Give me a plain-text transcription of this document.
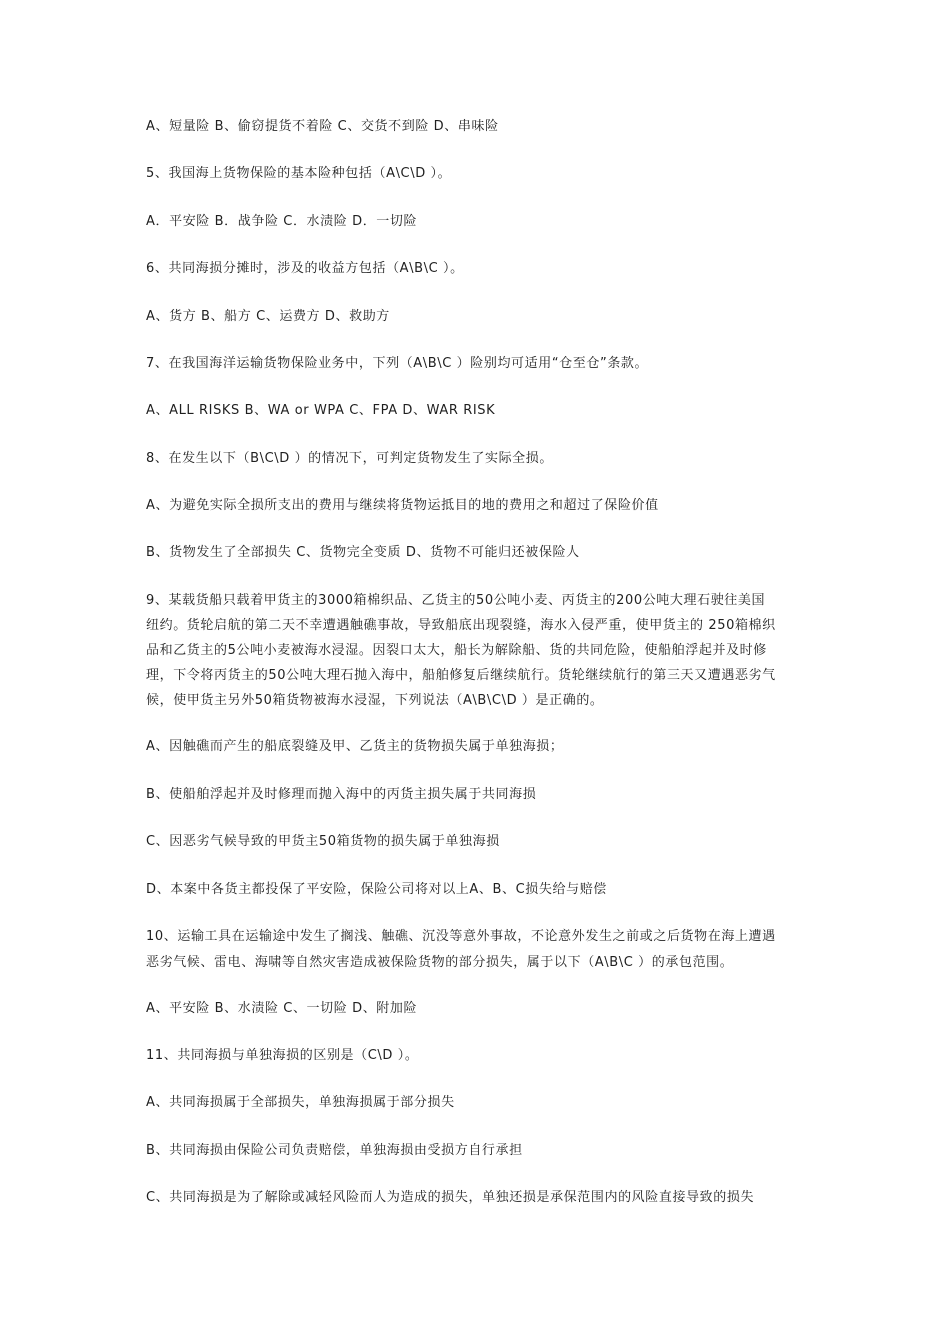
A、短量险 B、偷窃提货不着险 C、交货不到险 D、串味险
5、我国海上货物保险的基本险种包括（A\C\D ）。
A．平安险 B．战争险 C．水渍险 D．一切险
6、共同海损分摊时，涉及的收益方包括（A\B\C ）。
A、货方 B、船方 C、运费方 D、救助方
7、在我国海洋运输货物保险业务中，下列（A\B\C ）险别均可适用“仓至仓”条款。
A、ALL RISKS B、WA or WPA C、FPA D、WAR RISK
8、在发生以下（B\C\D ）的情况下，可判定货物发生了实际全损。
A、为避免实际全损所支出的费用与继续将货物运抵目的地的费用之和超过了保险价值
B、货物发生了全部损失 C、货物完全变质 D、货物不可能归还被保险人
9、某载货船只载着甲货主的3000箱棉织品、乙货主的50公吨小麦、丙货主的200公吨大理石驶往美国
纽约。货轮启航的第二天不幸遭遇触礁事故，导致船底出现裂缝，海水入侵严重，使甲货主的 250箱棉织
品和乙货主的5公吨小麦被海水浸湿。因裂口太大，船长为解除船、货的共同危险，使船舶浮起并及时修
理，下令将丙货主的50公吨大理石抛入海中，船舶修复后继续航行。货轮继续航行的第三天又遭遇恶劣气
候，使甲货主另外50箱货物被海水浸湿，下列说法（A\B\C\D ）是正确的。
A、因触礁而产生的船底裂缝及甲、乙货主的货物损失属于单独海损；
B、使船舶浮起并及时修理而抛入海中的丙货主损失属于共同海损
C、因恶劣气候导致的甲货主50箱货物的损失属于单独海损
D、本案中各货主都投保了平安险，保险公司将对以上A、B、C损失给与赔偿
10、运输工具在运输途中发生了搁浅、触礁、沉没等意外事故，不论意外发生之前或之后货物在海上遭遇
恶劣气候、雷电、海啸等自然灾害造成被保险货物的部分损失，属于以下（A\B\C ）的承包范围。
A、平安险 B、水渍险 C、一切险 D、附加险
11、共同海损与单独海损的区别是（C\D ）。
A、共同海损属于全部损失，单独海损属于部分损失
B、共同海损由保险公司负责赔偿，单独海损由受损方自行承担
C、共同海损是为了解除或减轻风险而人为造成的损失，单独还损是承保范围内的风险直接导致的损失
